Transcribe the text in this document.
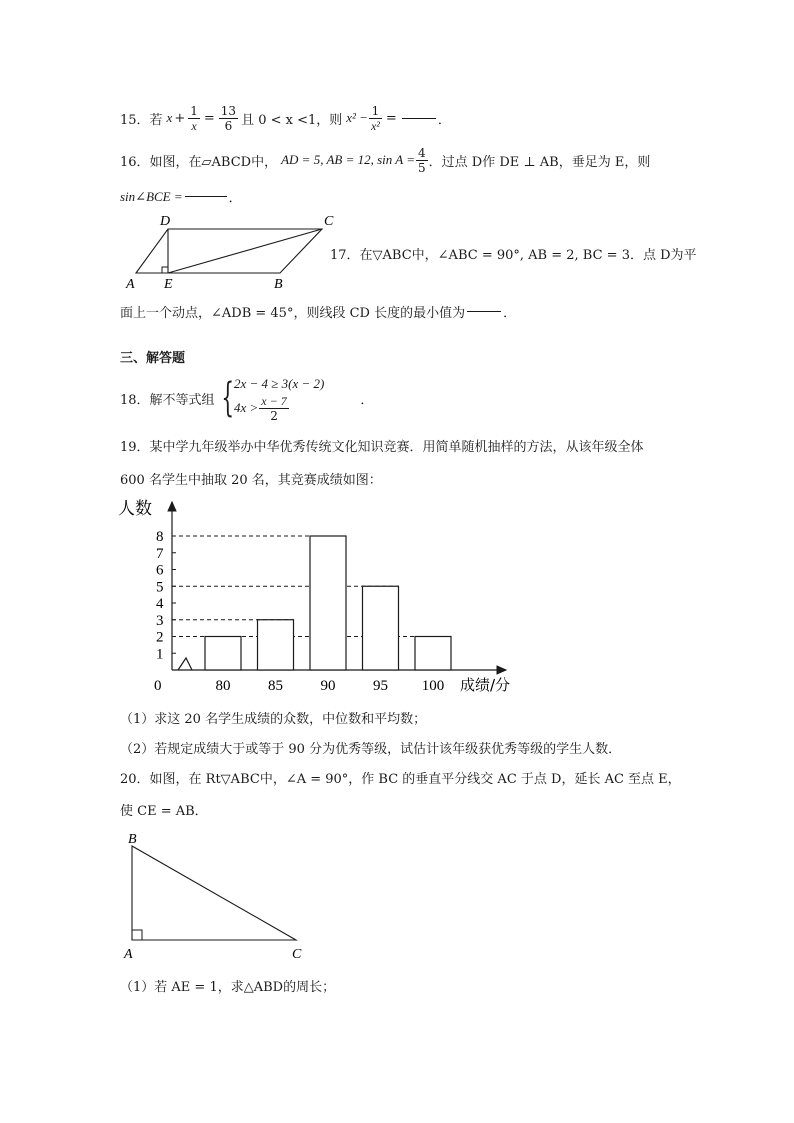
15．若 $x + \frac{1}{x} = \frac{13}{6}$ 且 0 < x <1，则 $x^2 - \frac{1}{\text{x²}}$ =	．
16．如图，在▱ABCD中， AD = 5, AB = 12, $\sin A = \frac{4}{5}$ ．过点 D作 DE ⊥ AB，垂足为 E，则
sin∠BCE =	．
D	C
A E	B
17．在▽ABC中，∠ABC = 90°, AB = 2, BC = 3．点 D为平
面上一个动点，∠ADB = 45°，则线段 CD 长度的最小值为	．
三、解答题
18．解不等式组 { 2x − 4 ≥ 3(x − 2)
$4x > \frac{x - 7}{2}$	．
19．某中学九年级举办中华优秀传统文化知识竞赛．用简单随机抽样的方法，从该年级全体
600 名学生中抽取 20 名，其竞赛成绩如图：
人数
成绩/分
0
1
2
3
4
5
6
7
8
80	85	90	95 100
（1）求这 20 名学生成绩的众数，中位数和平均数；
（2）若规定成绩大于或等于 90 分为优秀等级，试估计该年级获优秀等级的学生人数．
20．如图，在 Rt▽ABC中，∠A = 90°，作 BC 的垂直平分线交 AC 于点 D，延长 AC 至点 E，
使 CE = AB．
B
A	C
（1）若 AE = 1，求△ABD的周长；
